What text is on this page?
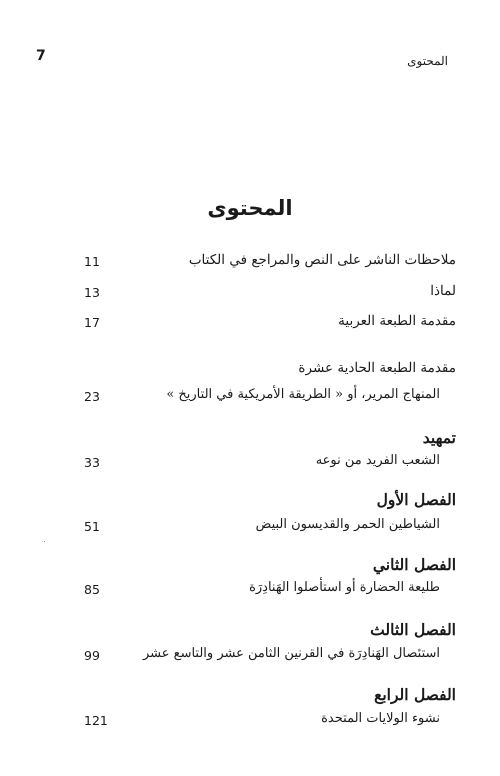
7	المحتوى
المحتوى
ملاحظات الناشر على النص والمراجع في الكتاب
11
لماذا
13
مقدمة الطبعة العربية
17
مقدمة الطبعة الحادية عشرة
المنهاج المرير، أو « الطريقة الأمريكية في التاريخ »
23
تمهيد
الشعب الفريد من نوعه
33
الفصل الأول
الشياطين الحمر والقديسون البيض
51
الفصل الثاني
طليعة الحضارة أو استأصلوا الهَنادِرَة
85
الفصل الثالث
استئصال الهَنادِرَة في القرنين الثامن عشر والتاسع عشر
99
الفصل الرابع
نشوء الولايات المتحدة
121
